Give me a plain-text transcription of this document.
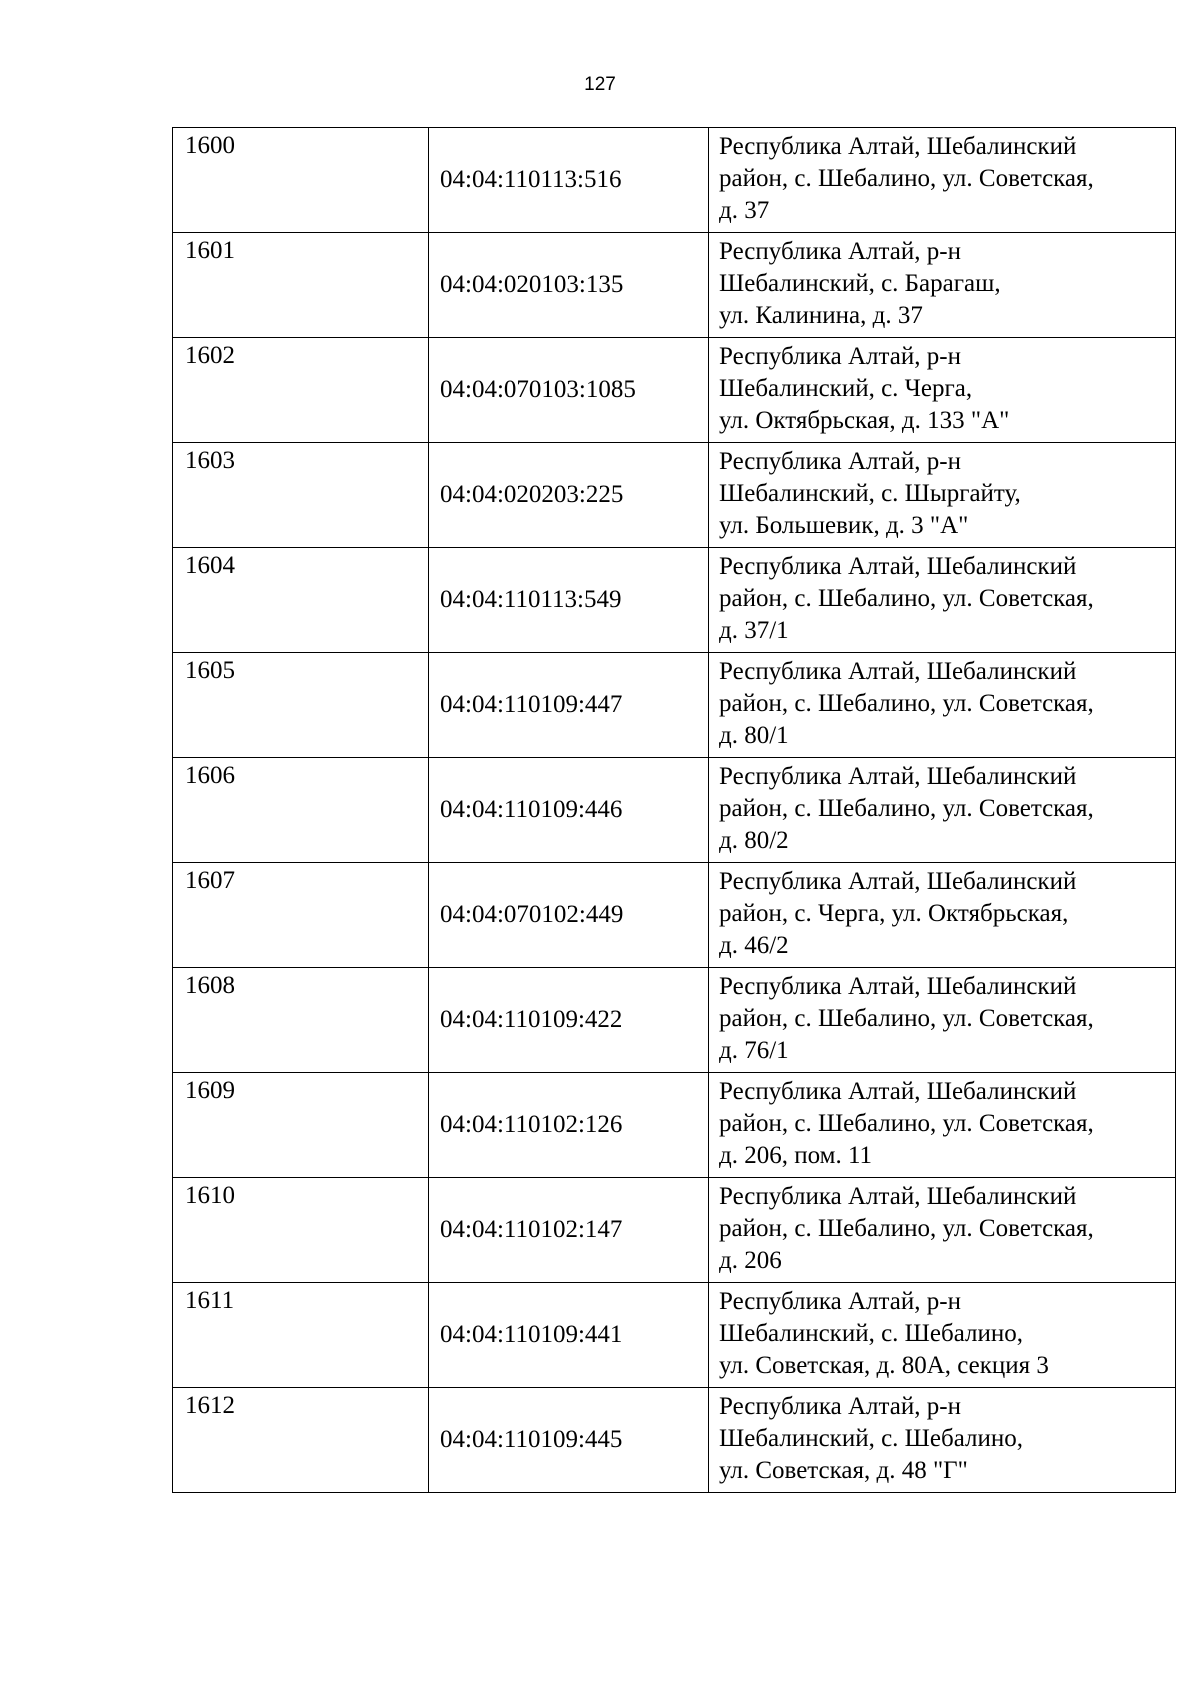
127
1600	04:04:110113:516	Республика Алтай, Шебалинский
район, с. Шебалино, ул. Советская,
д. 37

1601	04:04:020103:135	Республика Алтай, р-н
Шебалинский, с. Барагаш,
ул. Калинина, д. 37

1602	04:04:070103:1085	Республика Алтай, р-н
Шебалинский, с. Черга,
ул. Октябрьская, д. 133 "А"

1603	04:04:020203:225	Республика Алтай, р-н
Шебалинский, с. Шыргайту,
ул. Большевик, д. 3 "А"

1604	04:04:110113:549	Республика Алтай, Шебалинский
район, с. Шебалино, ул. Советская,
д. 37/1

1605	04:04:110109:447	Республика Алтай, Шебалинский
район, с. Шебалино, ул. Советская,
д. 80/1

1606	04:04:110109:446	Республика Алтай, Шебалинский
район, с. Шебалино, ул. Советская,
д. 80/2

1607	04:04:070102:449	Республика Алтай, Шебалинский
район, с. Черга, ул. Октябрьская,
д. 46/2

1608	04:04:110109:422	Республика Алтай, Шебалинский
район, с. Шебалино, ул. Советская,
д. 76/1

1609	04:04:110102:126	Республика Алтай, Шебалинский
район, с. Шебалино, ул. Советская,
д. 206, пом. 11

1610	04:04:110102:147	Республика Алтай, Шебалинский
район, с. Шебалино, ул. Советская,
д. 206

1611	04:04:110109:441	Республика Алтай, р-н
Шебалинский, с. Шебалино,
ул. Советская, д. 80А, секция 3

1612	04:04:110109:445	Республика Алтай, р-н
Шебалинский, с. Шебалино,
ул. Советская, д. 48 "Г"
